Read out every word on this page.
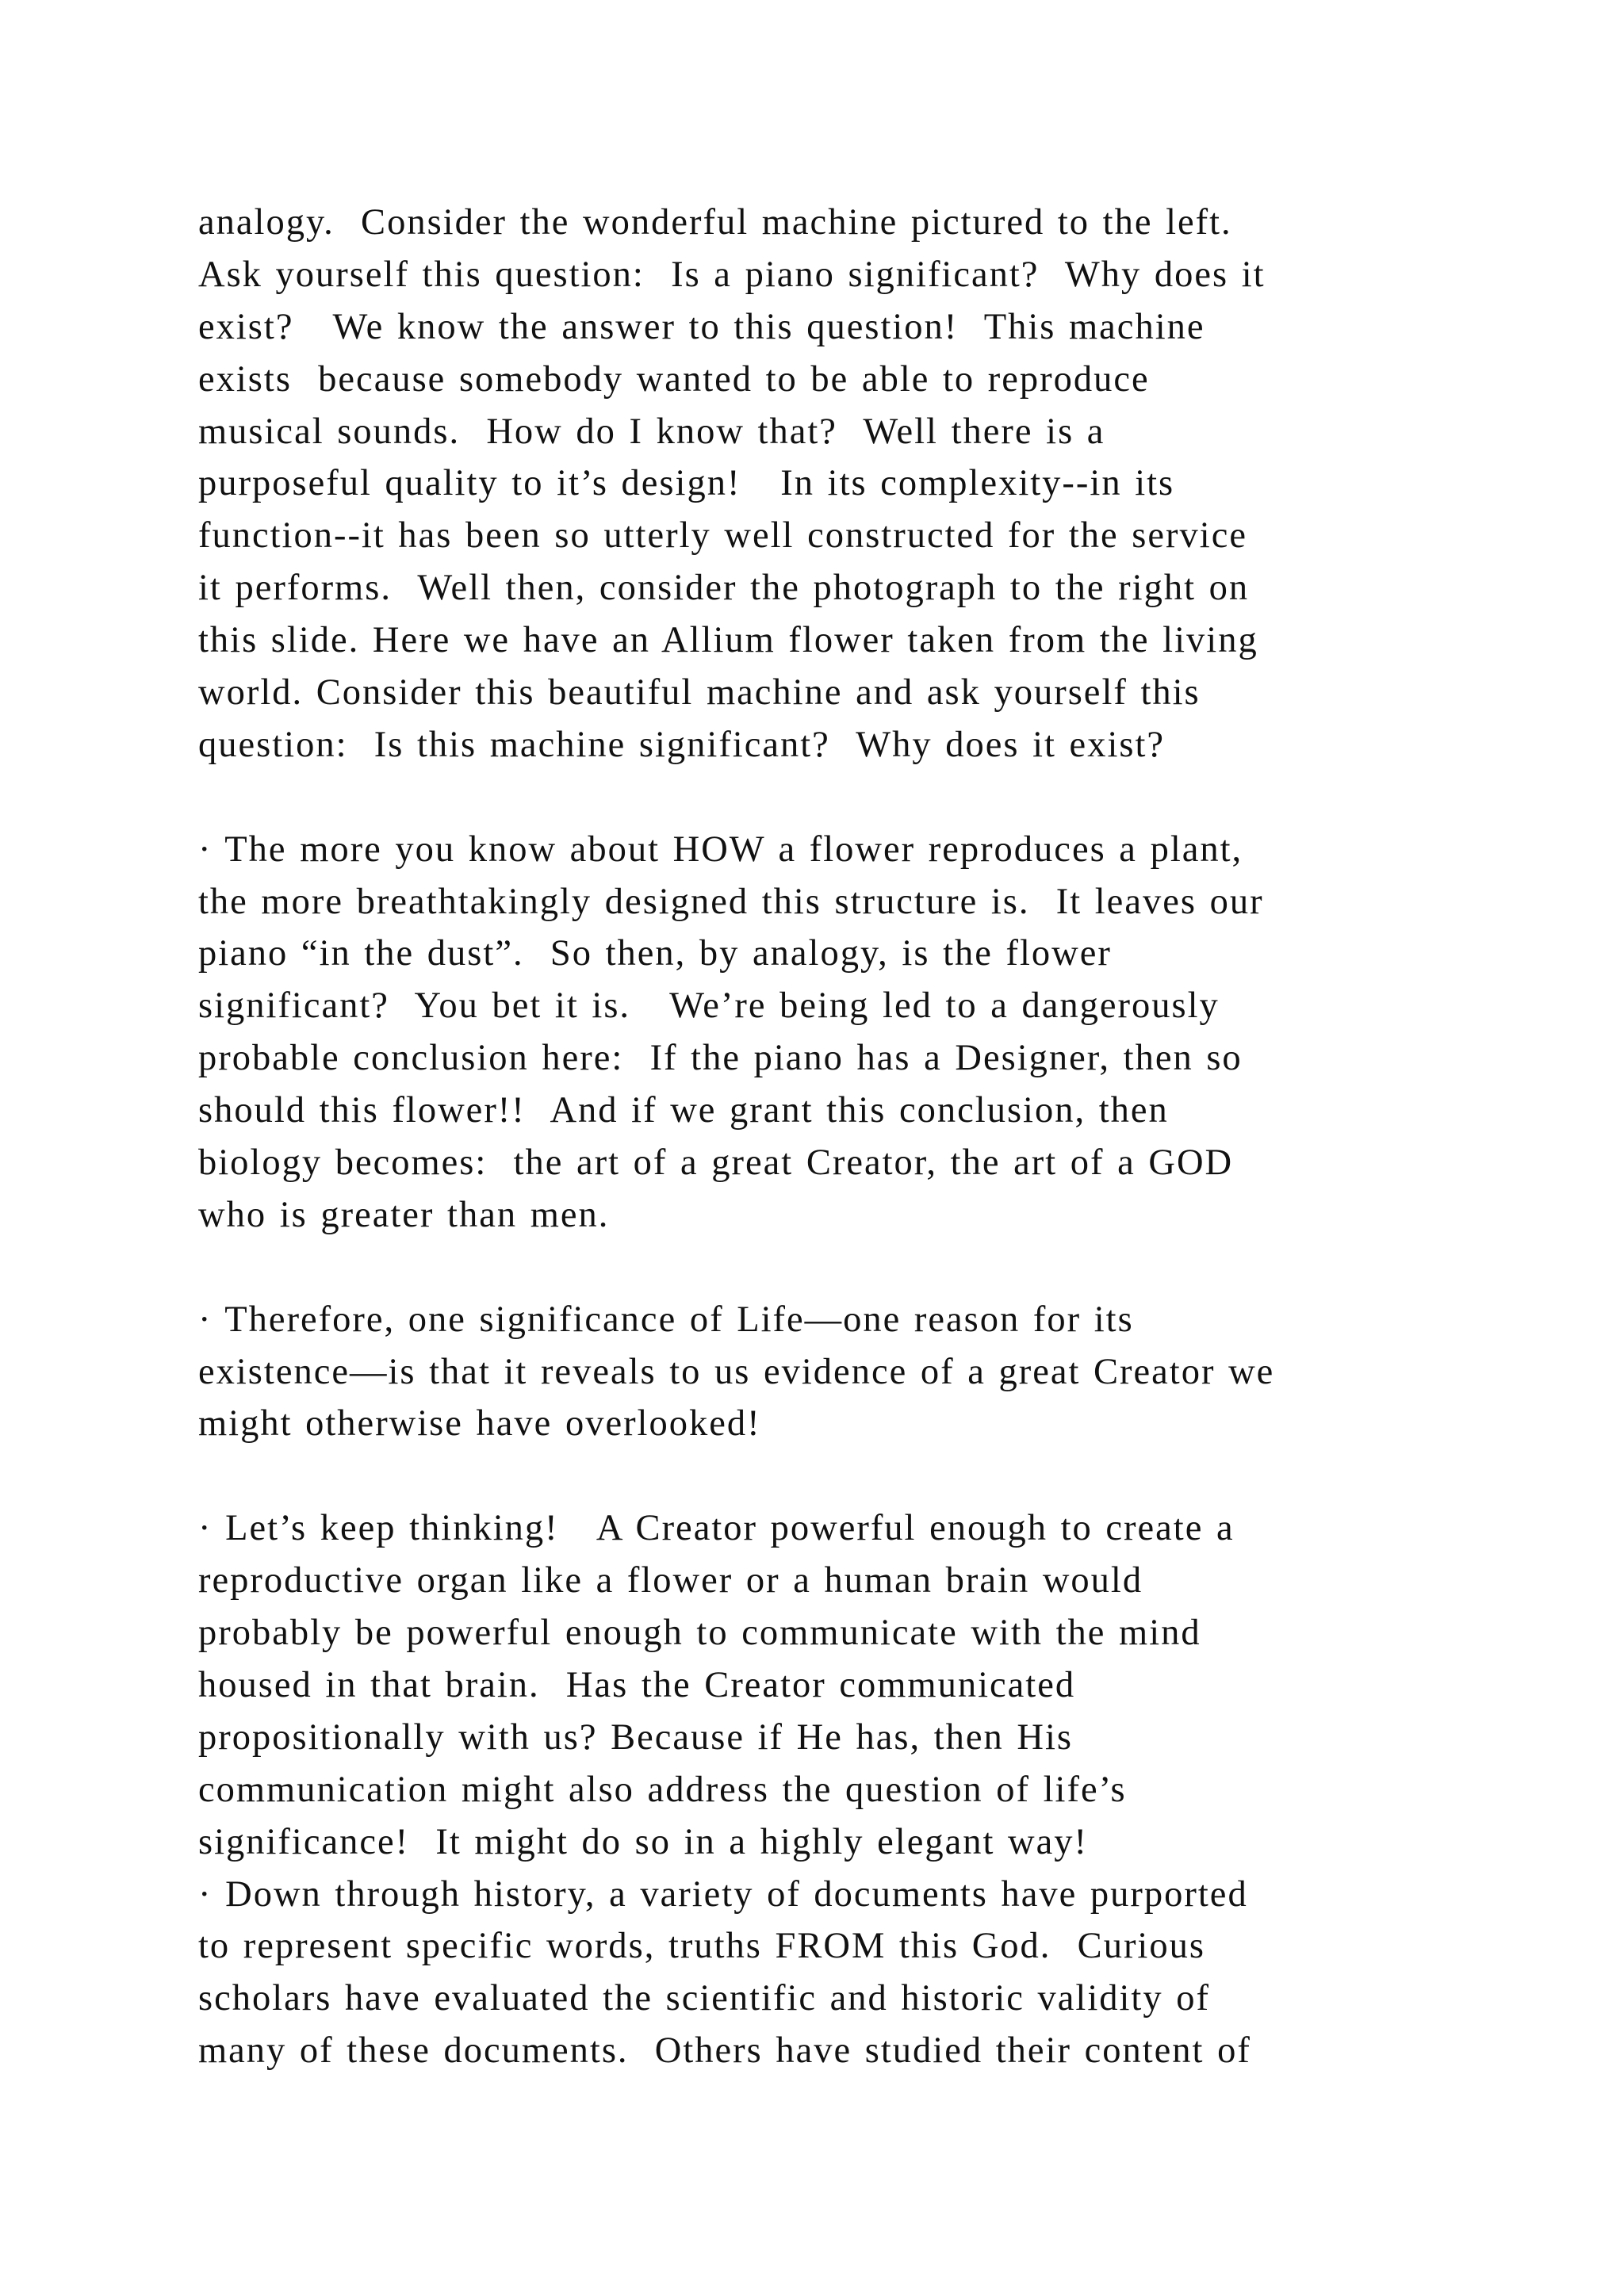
analogy.  Consider the wonderful machine pictured to the left.
Ask yourself this question:  Is a piano significant?  Why does it
exist?   We know the answer to this question!  This machine
exists  because somebody wanted to be able to reproduce
musical sounds.  How do I know that?  Well there is a
purposeful quality to it’s design!   In its complexity--in its
function--it has been so utterly well constructed for the service
it performs.  Well then, consider the photograph to the right on
this slide. Here we have an Allium flower taken from the living
world. Consider this beautiful machine and ask yourself this
question:  Is this machine significant?  Why does it exist?
· The more you know about HOW a flower reproduces a plant,
the more breathtakingly designed this structure is.  It leaves our
piano “in the dust”.  So then, by analogy, is the flower
significant?  You bet it is.   We’re being led to a dangerously
probable conclusion here:  If the piano has a Designer, then so
should this flower!!  And if we grant this conclusion, then
biology becomes:  the art of a great Creator, the art of a GOD
who is greater than men.
· Therefore, one significance of Life—one reason for its
existence—is that it reveals to us evidence of a great Creator we
might otherwise have overlooked!
· Let’s keep thinking!   A Creator powerful enough to create a
reproductive organ like a flower or a human brain would
probably be powerful enough to communicate with the mind
housed in that brain.  Has the Creator communicated
propositionally with us? Because if He has, then His
communication might also address the question of life’s
significance!  It might do so in a highly elegant way!
· Down through history, a variety of documents have purported
to represent specific words, truths FROM this God.  Curious
scholars have evaluated the scientific and historic validity of
many of these documents.  Others have studied their content of
